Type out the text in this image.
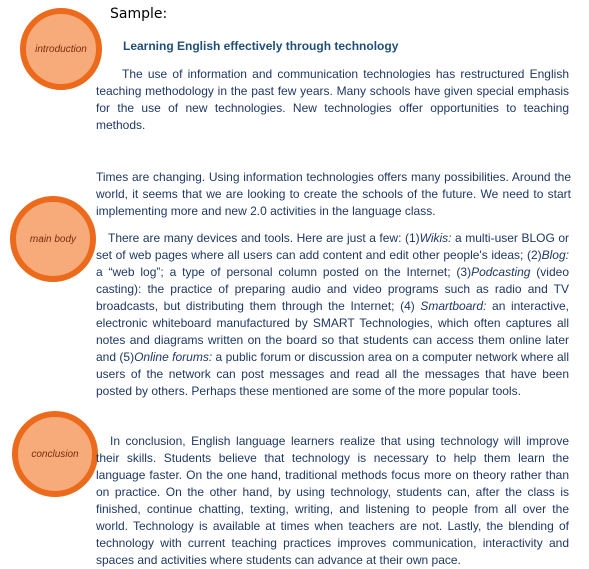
Sample:
introduction
main body
conclusion
Learning English effectively through technology

The use of information and communication technologies has restructured English teaching methodology in the past few years. Many schools have given special emphasis for the use of new technologies. New technologies offer opportunities to teaching methods.

Times are changing. Using information technologies offers many possibilities. Around the world, it seems that we are looking to create the schools of the future. We need to start implementing more and new 2.0 activities in the language class.

There are many devices and tools. Here are just a few: (1)Wikis: a multi-user BLOG or set of web pages where all users can add content and edit other people's ideas; (2)Blog: a “web log”; a type of personal column posted on the Internet; (3)Podcasting (video casting): the practice of preparing audio and video programs such as radio and TV broadcasts, but distributing them through the Internet; (4) Smartboard: an interactive, electronic whiteboard manufactured by SMART Technologies, which often captures all notes and diagrams written on the board so that students can access them online later and (5)Online forums: a public forum or discussion area on a computer network where all users of the network can post messages and read all the messages that have been posted by others. Perhaps these mentioned are some of the more popular tools.

In conclusion, English language learners realize that using technology will improve their skills. Students believe that technology is necessary to help them learn the language faster. On the one hand, traditional methods focus more on theory rather than on practice. On the other hand, by using technology, students can, after the class is finished, continue chatting, texting, writing, and listening to people from all over the world. Technology is available at times when teachers are not. Lastly, the blending of technology with current teaching practices improves communication, interactivity and spaces and activities where students can advance at their own pace.
